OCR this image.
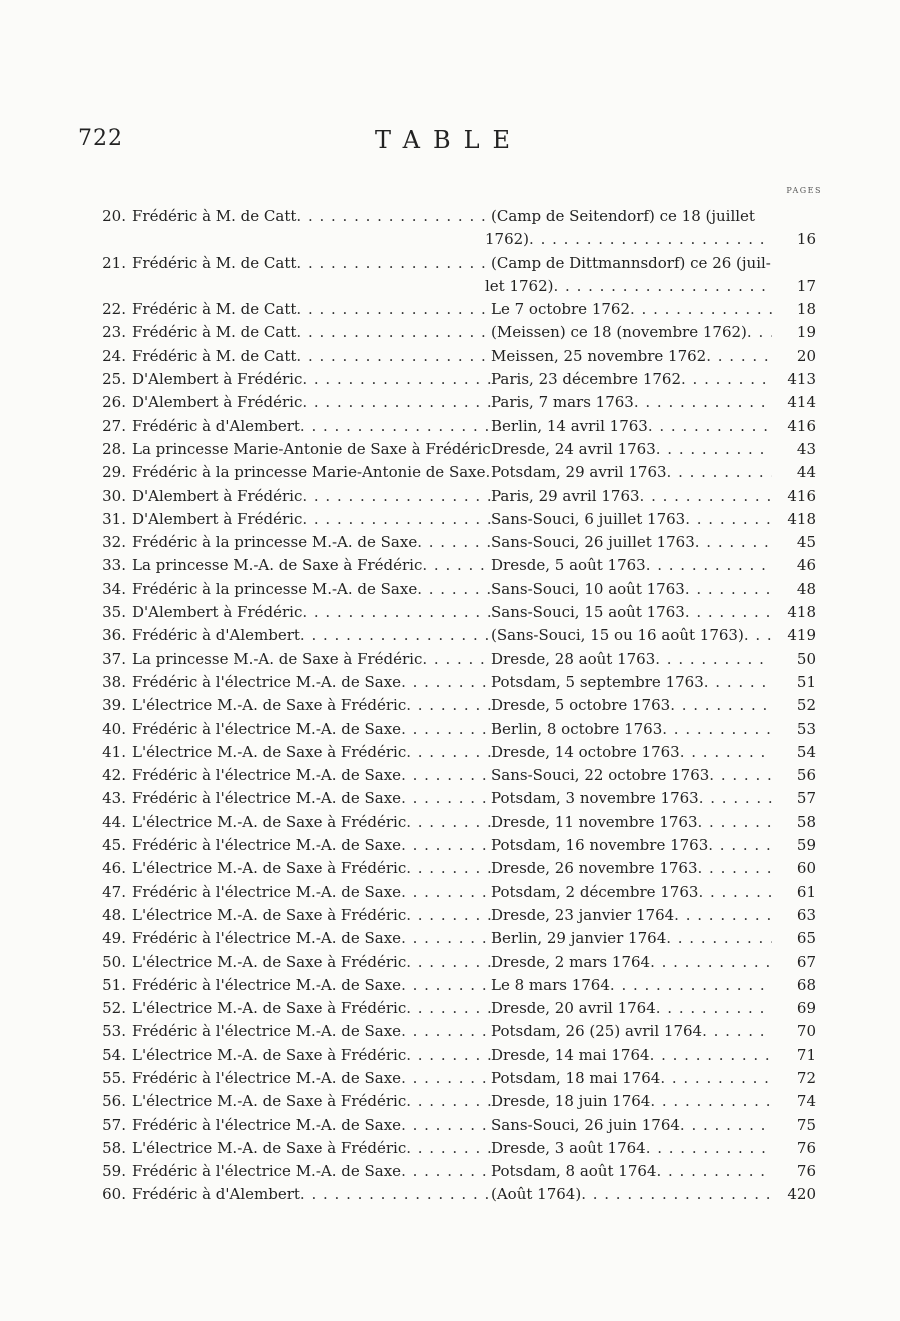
722	TABLE
PAGES
20. Frédéric à M. de Catt . . .	(Camp de Seitendorf) ce 18 (juillet
1762) . . .	16
21. Frédéric à M. de Catt . . .	(Camp de Dittmannsdorf) ce 26 (juil-
let 1762) . . .	17
22. Frédéric à M. de Catt . . .	Le 7 octobre 1762 . . .	18
23. Frédéric à M. de Catt . . .	(Meissen) ce 18 (novembre 1762) . . .	19
24. Frédéric à M. de Catt . . .	Meissen, 25 novembre 1762 . . .	20
25. D'Alembert à Frédéric . . .	Paris, 23 décembre 1762 . . .	413
26. D'Alembert à Frédéric . . .	Paris, 7 mars 1763 . . .	414
27. Frédéric à d'Alembert . . .	Berlin, 14 avril 1763 . . .	416
28. La princesse Marie-Antonie de Saxe à Frédéric . . . Dresde, 24 avril 1763 . . .	43
29. Frédéric à la princesse Marie-Antonie de Saxe . . . Potsdam, 29 avril 1763 . . .	44
30. D'Alembert à Frédéric . . .	Paris, 29 avril 1763 . . .	416
31. D'Alembert à Frédéric . . .	Sans-Souci, 6 juillet 1763 . . .	418
32. Frédéric à la princesse M.-A. de Saxe . . .	Sans-Souci, 26 juillet 1763 . . .	45
33. La princesse M.-A. de Saxe à Frédéric . . .	Dresde, 5 août 1763 . . .	46
34. Frédéric à la princesse M.-A. de Saxe . . .	Sans-Souci, 10 août 1763 . . .	48
35. D'Alembert à Frédéric . . .	Sans-Souci, 15 août 1763 . . .	418
36. Frédéric à d'Alembert . . .	(Sans-Souci, 15 ou 16 août 1763) . . .	419
37. La princesse M.-A. de Saxe à Frédéric . . .	Dresde, 28 août 1763 . . .	50
38. Frédéric à l'électrice M.-A. de Saxe . . .	Potsdam, 5 septembre 1763 . . .	51
39. L'électrice M.-A. de Saxe à Frédéric . . .	Dresde, 5 octobre 1763 . . .	52
40. Frédéric à l'électrice M.-A. de Saxe . . .	Berlin, 8 octobre 1763 . . .	53
41. L'électrice M.-A. de Saxe à Frédéric . . .	Dresde, 14 octobre 1763 . . .	54
42. Frédéric à l'électrice M.-A. de Saxe . . .	Sans-Souci, 22 octobre 1763 . . .	56
43. Frédéric à l'électrice M.-A. de Saxe . . .	Potsdam, 3 novembre 1763 . . .	57
44. L'électrice M.-A. de Saxe à Frédéric . . .	Dresde, 11 novembre 1763 . . .	58
45. Frédéric à l'électrice M.-A. de Saxe . . .	Potsdam, 16 novembre 1763 . . .	59
46. L'électrice M.-A. de Saxe à Frédéric . . .	Dresde, 26 novembre 1763 . . .	60
47. Frédéric à l'électrice M.-A. de Saxe . . .	Potsdam, 2 décembre 1763 . . .	61
48. L'électrice M.-A. de Saxe à Frédéric . . .	Dresde, 23 janvier 1764 . . .	63
49. Frédéric à l'électrice M.-A. de Saxe . . .	Berlin, 29 janvier 1764 . . .	65
50. L'électrice M.-A. de Saxe à Frédéric . . .	Dresde, 2 mars 1764 . . .	67
51. Frédéric à l'électrice M.-A. de Saxe . . .	Le 8 mars 1764 . . .	68
52. L'électrice M.-A. de Saxe à Frédéric . . .	Dresde, 20 avril 1764 . . .	69
53. Frédéric à l'électrice M.-A. de Saxe . . .	Potsdam, 26 (25) avril 1764 . . .	70
54. L'électrice M.-A. de Saxe à Frédéric . . .	Dresde, 14 mai 1764 . . .	71
55. Frédéric à l'électrice M.-A. de Saxe . . .	Potsdam, 18 mai 1764 . . .	72
56. L'électrice M.-A. de Saxe à Frédéric . . .	Dresde, 18 juin 1764 . . .	74
57. Frédéric à l'électrice M.-A. de Saxe . . .	Sans-Souci, 26 juin 1764 . . .	75
58. L'électrice M.-A. de Saxe à Frédéric . . .	Dresde, 3 août 1764 . . .	76
59. Frédéric à l'électrice M.-A. de Saxe . . .	Potsdam, 8 août 1764 . . .	76
60. Frédéric à d'Alembert . . .	(Août 1764) . . .	420
